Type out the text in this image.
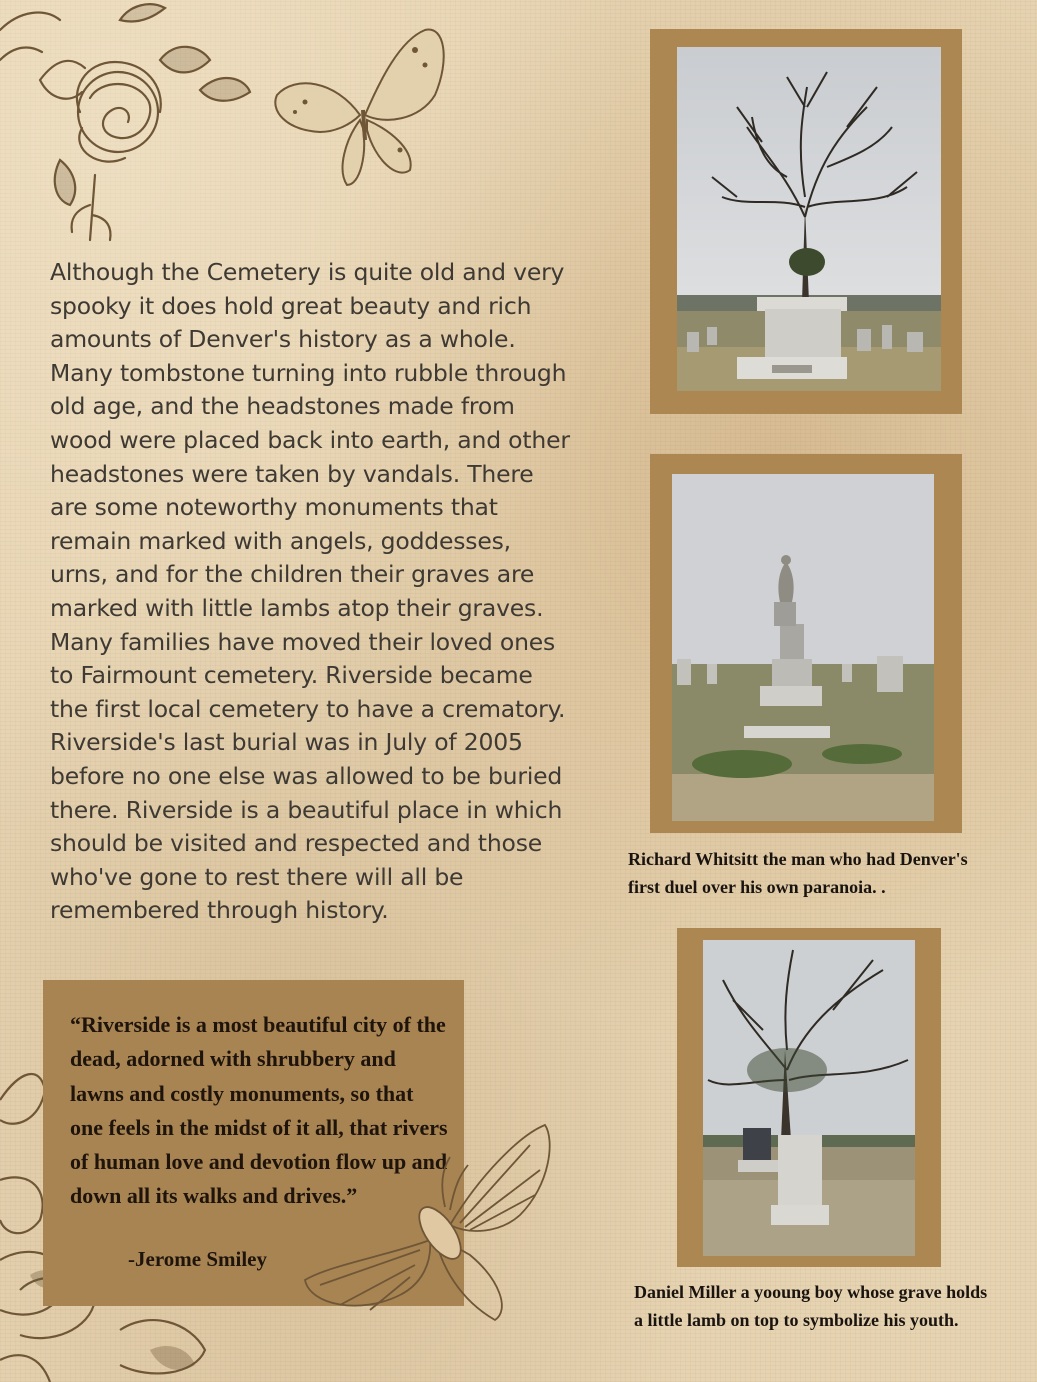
Although the Cemetery is quite old and very spooky it does hold great beauty and rich amounts of Denver's history as a whole. Many tombstone turning into rubble through old age, and the headstones made from wood were placed back into earth, and other headstones were taken by vandals. There are some noteworthy monuments that remain marked with angels, goddesses, urns, and for the children their graves are marked with little lambs atop their graves. Many families have moved their loved ones to Fairmount cemetery. Riverside became the first local cemetery to have a crematory. Riverside's last burial was in July of 2005 before no one else was allowed to be buried there. Riverside is a beautiful place in which should be visited and respected and those who've gone to rest there will all be remembered through history.

“Riverside is a most beautiful city of the dead, adorned with shrubbery and lawns and costly monuments, so that one feels in the midst of it all, that rivers of human love and devotion flow up and down all its walks and drives.”

-Jerome Smiley
Richard Whitsitt the man who had Denver's first duel over his own paranoia. .
Daniel Miller a yooung boy whose grave holds a little lamb on top to symbolize his youth.
